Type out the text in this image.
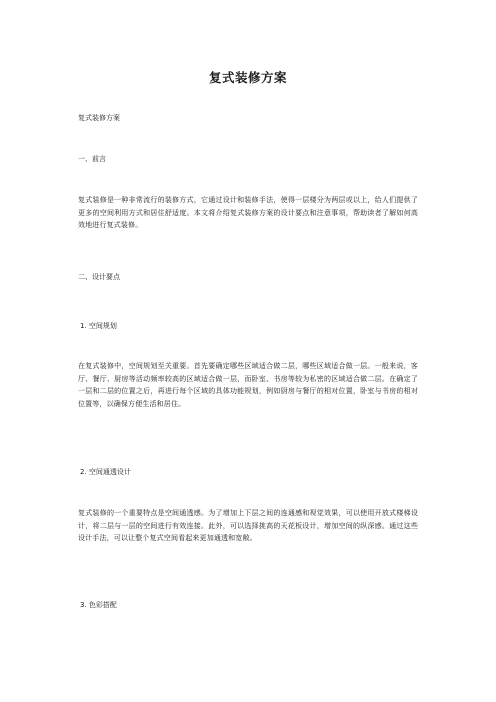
复式装修方案
复式装修方案
一、前言
复式装修是一种非常流行的装修方式，它通过设计和装修手法，使得一层楼分为两层或以上，给人们提供了更多的空间利用方式和居住舒适度。本文将介绍复式装修方案的设计要点和注意事项，帮助读者了解如何高效地进行复式装修。
二、设计要点
1. 空间规划
在复式装修中，空间规划至关重要。首先要确定哪些区域适合做二层，哪些区域适合做一层。一般来说，客厅、餐厅、厨房等活动频率较高的区域适合做一层，而卧室、书房等较为私密的区域适合做二层。在确定了一层和二层的位置之后，再进行每个区域的具体功能规划，例如厨房与餐厅的相对位置，卧室与书房的相对位置等，以确保方便生活和居住。
2. 空间通透设计
复式装修的一个重要特点是空间通透感。为了增加上下层之间的连通感和视觉效果，可以使用开放式楼梯设计，将二层与一层的空间进行有效连接。此外，可以选择挑高的天花板设计，增加空间的纵深感。通过这些设计手法，可以让整个复式空间看起来更加通透和宽敞。
3. 色彩搭配
